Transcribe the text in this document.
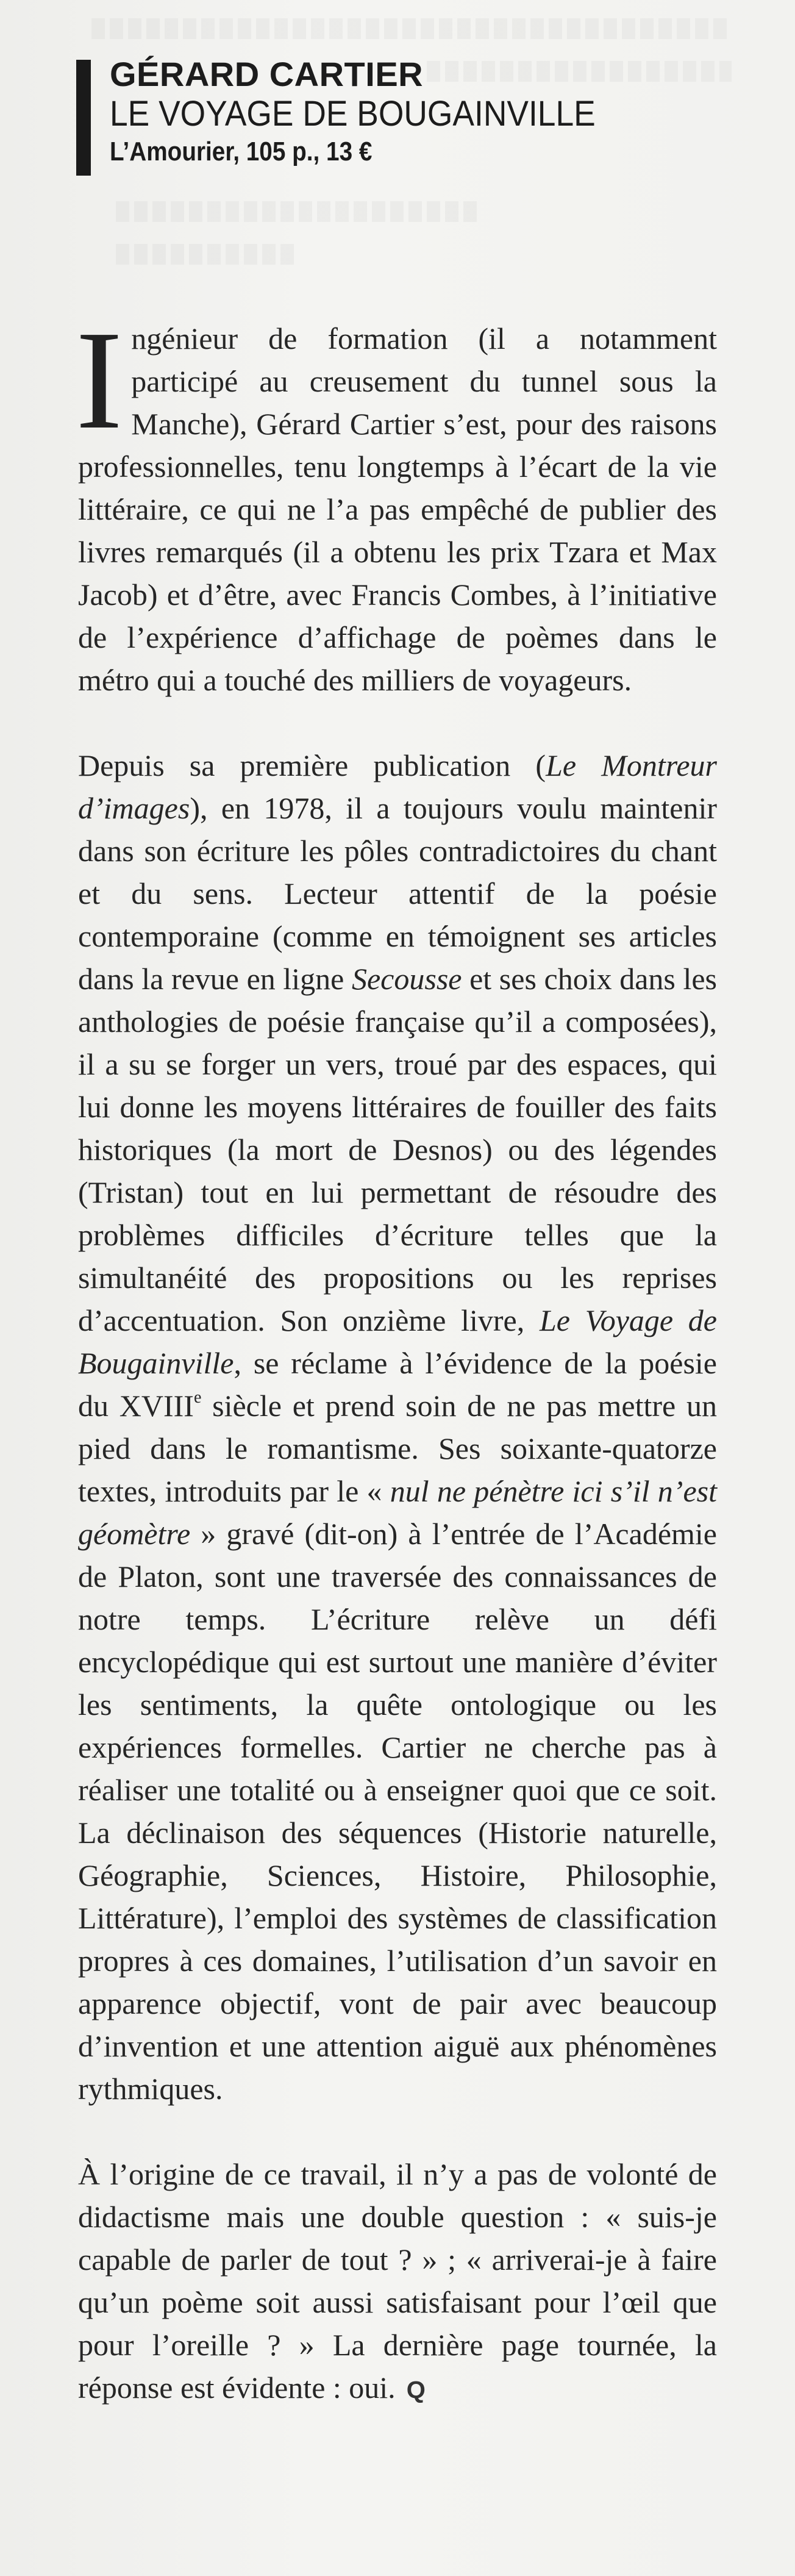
GÉRARD CARTIER
LE VOYAGE DE BOUGAINVILLE
L’Amourier, 105 p., 13 €

Ingénieur de formation (il a notamment participé au creusement du tunnel sous la Manche), Gérard Cartier s’est, pour des raisons professionnelles, tenu longtemps à l’écart de la vie littéraire, ce qui ne l’a pas empêché de publier des livres remarqués (il a obtenu les prix Tzara et Max Jacob) et d’être, avec Francis Combes, à l’initiative de l’expérience d’affichage de poèmes dans le métro qui a touché des milliers de voyageurs.

Depuis sa première publication (Le Montreur d’images), en 1978, il a toujours voulu maintenir dans son écriture les pôles contradictoires du chant et du sens. Lecteur attentif de la poésie contemporaine (comme en témoignent ses articles dans la revue en ligne Secousse et ses choix dans les anthologies de poésie française qu’il a composées), il a su se forger un vers, troué par des espaces, qui lui donne les moyens littéraires de fouiller des faits historiques (la mort de Desnos) ou des légendes (Tristan) tout en lui permettant de résoudre des problèmes difficiles d’écriture telles que la simultanéité des propositions ou les reprises d’accentuation. Son onzième livre, Le Voyage de Bougainville, se réclame à l’évidence de la poésie du XVIIIe siècle et prend soin de ne pas mettre un pied dans le romantisme. Ses soixante-quatorze textes, introduits par le « nul ne pénètre ici s’il n’est géomètre » gravé (dit-on) à l’entrée de l’Académie de Platon, sont une traversée des connaissances de notre temps. L’écriture relève un défi encyclopédique qui est surtout une manière d’éviter les sentiments, la quête ontologique ou les expériences formelles. Cartier ne cherche pas à réaliser une totalité ou à enseigner quoi que ce soit. La déclinaison des séquences (Historie naturelle, Géographie, Sciences, Histoire, Philosophie, Littérature), l’emploi des systèmes de classification propres à ces domaines, l’utilisation d’un savoir en apparence objectif, vont de pair avec beaucoup d’invention et une attention aiguë aux phénomènes rythmiques.

À l’origine de ce travail, il n’y a pas de volonté de didactisme mais une double question : « suis-je capable de parler de tout ? » ; « arriverai-je à faire qu’un poème soit aussi satisfaisant pour l’œil que pour l’oreille ? » La dernière page tournée, la réponse est évidente : oui. Q
